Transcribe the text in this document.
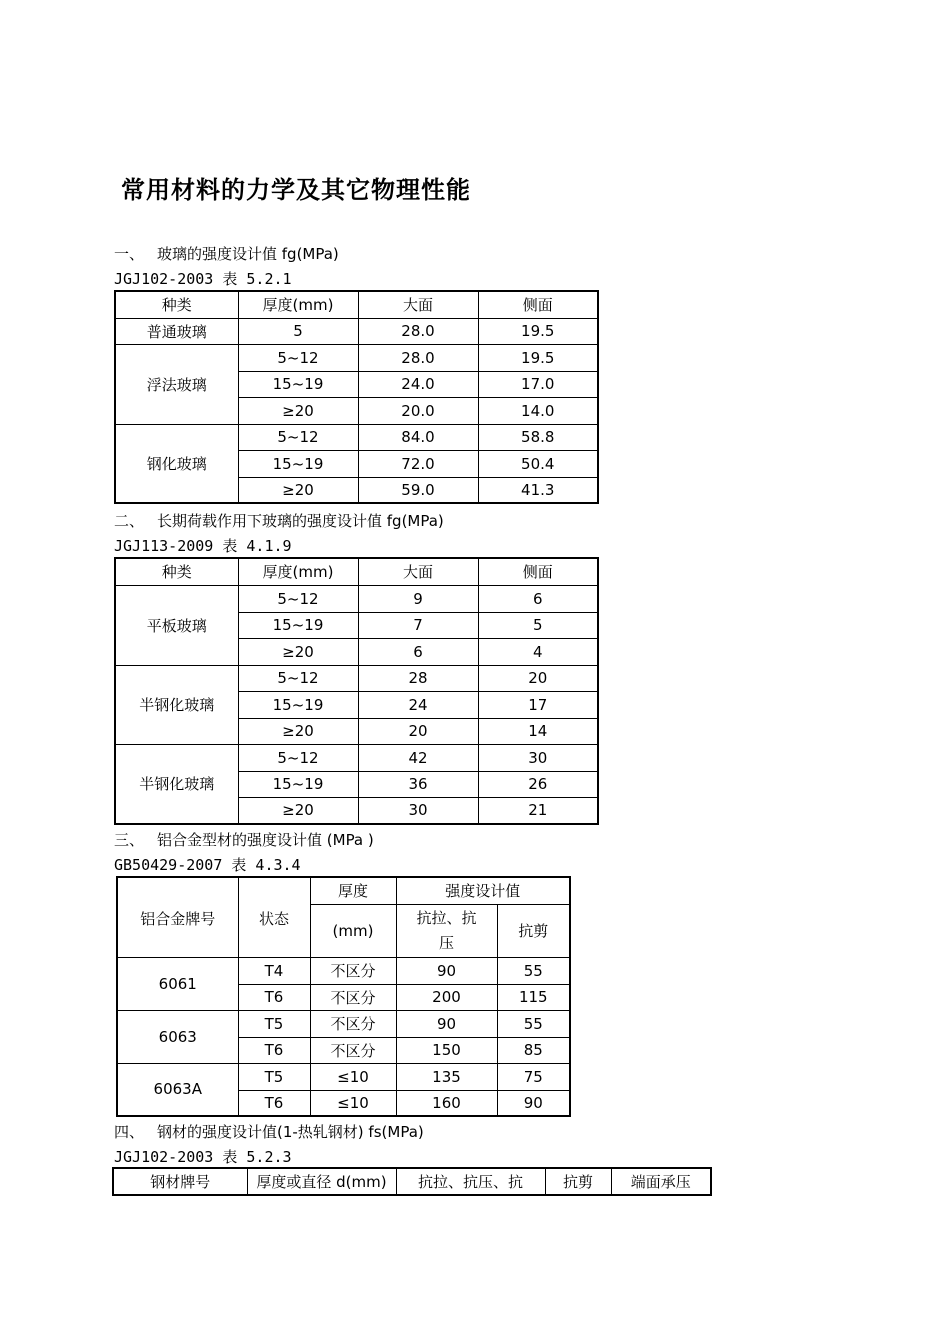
常用材料的力学及其它物理性能
一、 玻璃的强度设计值 fg(MPa)
JGJ102-2003 表 5.2.1
种类	厚度(mm)	大面	侧面
普通玻璃	5	28.0	19.5
浮法玻璃	5~12	28.0	19.5
	15~19	24.0	17.0
	≥20	20.0	14.0
钢化玻璃	5~12	84.0	58.8
	15~19	72.0	50.4
	≥20	59.0	41.3
二、 长期荷载作用下玻璃的强度设计值 fg(MPa)
JGJ113-2009 表 4.1.9
种类	厚度(mm)	大面	侧面
平板玻璃	5~12	9	6
	15~19	7	5
	≥20	6	4
半钢化玻璃	5~12	28	20
	15~19	24	17
	≥20	20	14
半钢化玻璃	5~12	42	30
	15~19	36	26
	≥20	30	21
三、 铝合金型材的强度设计值 (MPa )
GB50429-2007 表 4.3.4
铝合金牌号	状态	厚度	强度设计值	
		(mm)	抗拉、抗压	抗剪
6061	T4	不区分	90	55
	T6	不区分	200	115
6063	T5	不区分	90	55
	T6	不区分	150	85
6063A	T5	≤10	135	75
	T6	≤10	160	90
四、 钢材的强度设计值(1-热轧钢材) fs(MPa)
JGJ102-2003 表 5.2.3
钢材牌号	厚度或直径 d(mm)	抗拉、抗压、抗	抗剪	端面承压
